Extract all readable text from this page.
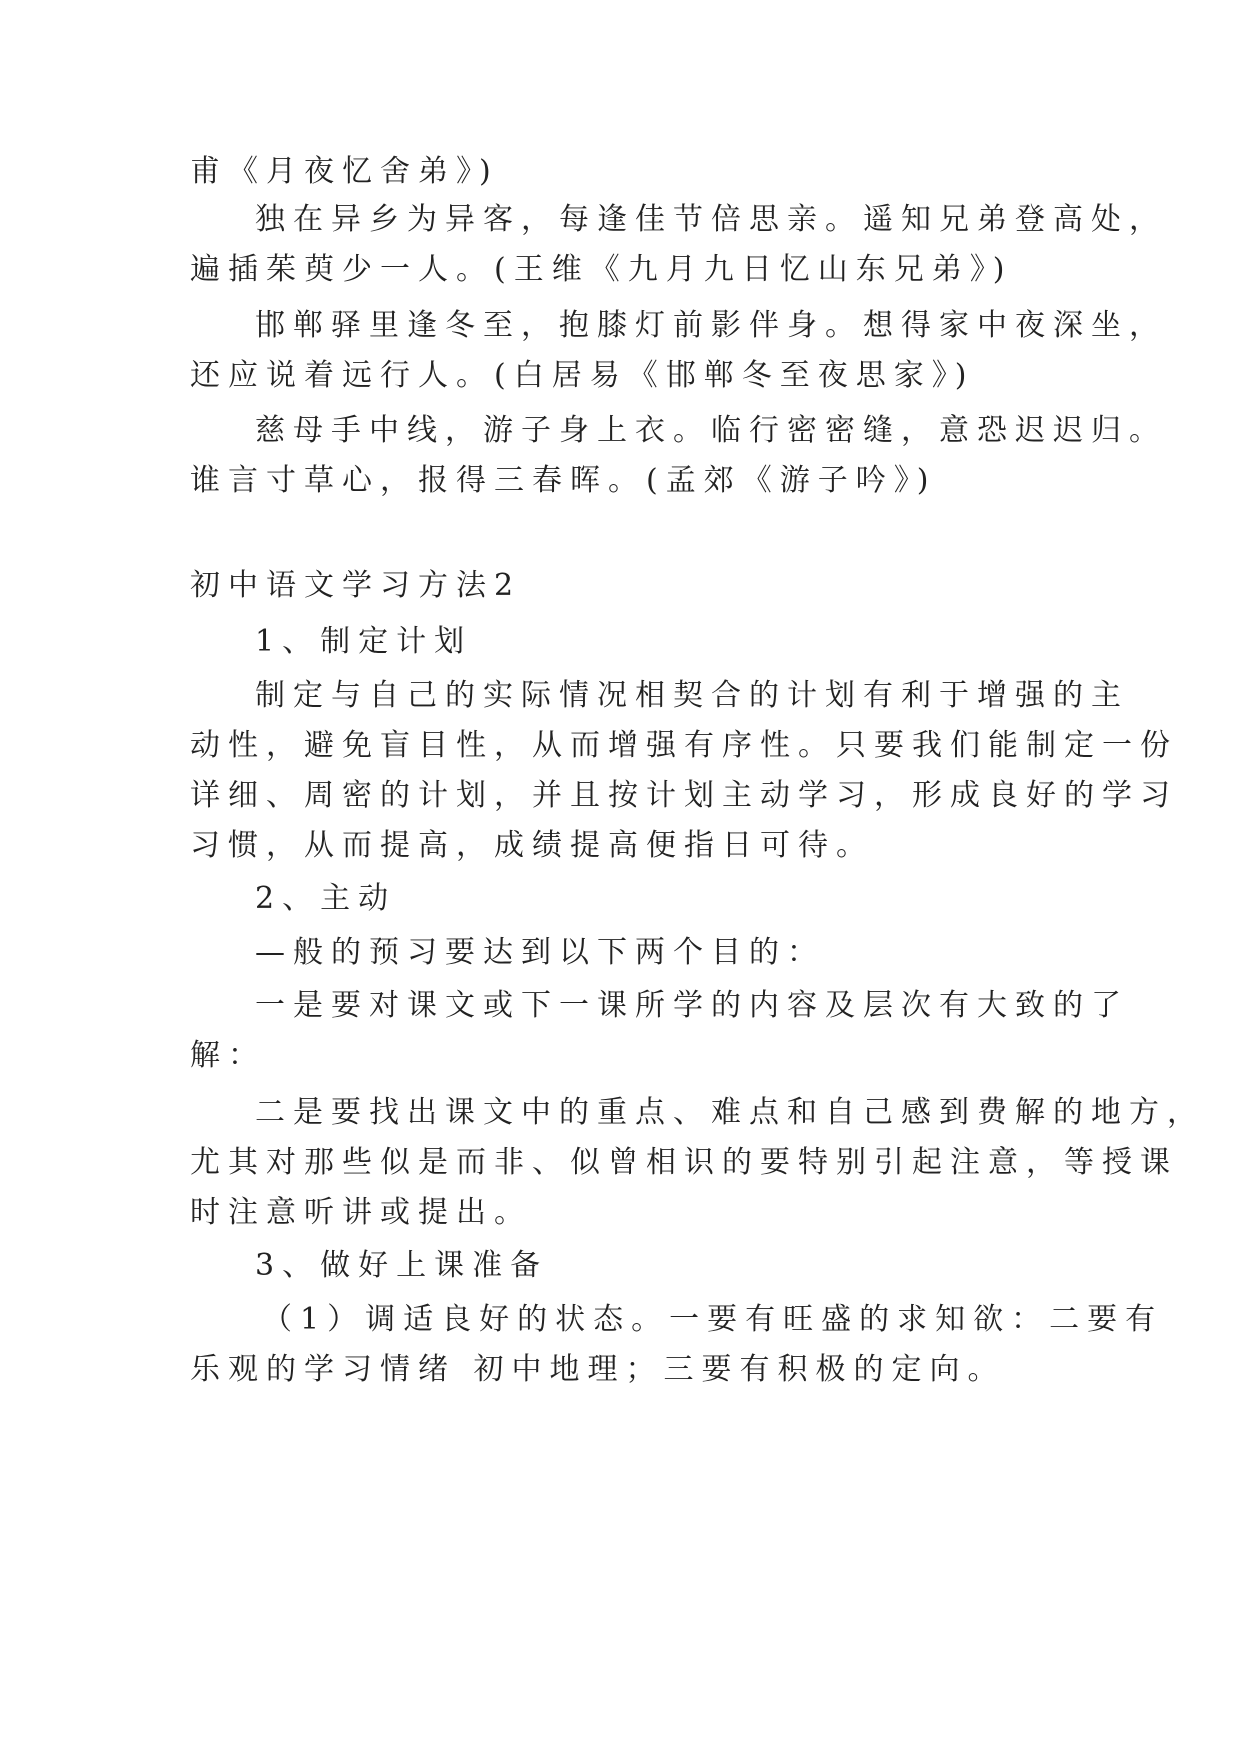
甫《月夜忆舍弟》)
独在异乡为异客，每逢佳节倍思亲。遥知兄弟登高处，
遍插茱萸少一人。(王维《九月九日忆山东兄弟》)
邯郸驿里逢冬至，抱膝灯前影伴身。想得家中夜深坐，
还应说着远行人。(白居易《邯郸冬至夜思家》)
慈母手中线，游子身上衣。临行密密缝，意恐迟迟归。
谁言寸草心，报得三春晖。(孟郊《游子吟》)
初中语文学习方法2
1、制定计划
制定与自己的实际情况相契合的计划有利于增强的主
动性，避免盲目性，从而增强有序性。只要我们能制定一份
详细、周密的计划，并且按计划主动学习，形成良好的学习
习惯，从而提高，成绩提高便指日可待。
2、主动
—般的预习要达到以下两个目的：
一是要对课文或下一课所学的内容及层次有大致的了
解：
二是要找出课文中的重点、难点和自己感到费解的地方，
尤其对那些似是而非、似曾相识的要特别引起注意，等授课
时注意听讲或提出。
3、做好上课准备
（1）调适良好的状态。一要有旺盛的求知欲：二要有
乐观的学习情绪 初中地理；三要有积极的定向。
